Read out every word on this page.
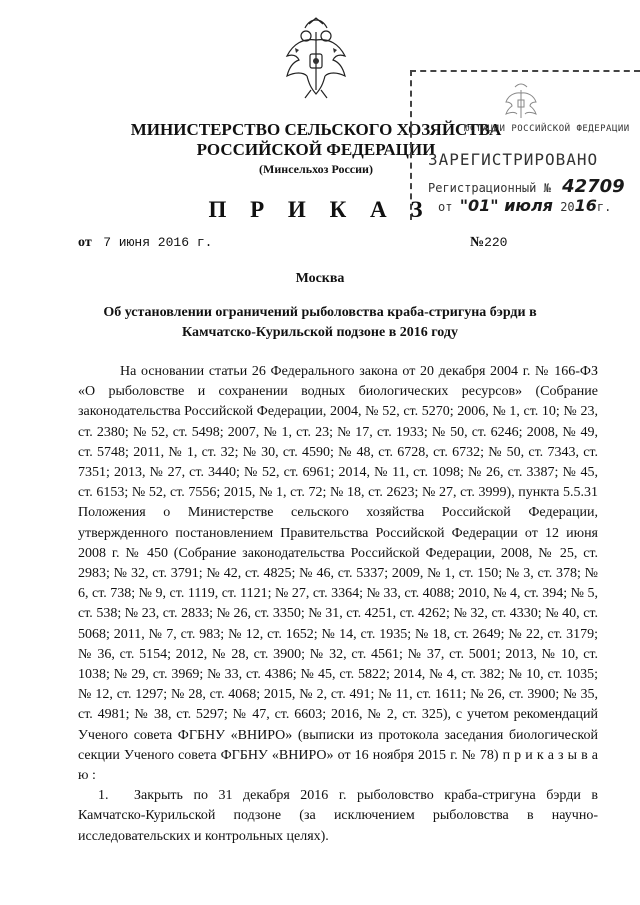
МИНИСТЕРСТВО СЕЛЬСКОГО ХОЗЯЙСТВА
РОССИЙСКОЙ ФЕДЕРАЦИИ
(Минсельхоз России)
ЮСТИЦИИ РОССИЙСКОЙ ФЕДЕРАЦИИ
ЗАРЕГИСТРИРОВАНО
Регистрационный № 42709
от "01" июля 2016г.
П Р И К А З
от 7 июня 2016 г.	№220
Москва
Об установлении ограничений рыболовства краба-стригуна бэрди в
Камчатско-Курильской подзоне в 2016 году

На основании статьи 26 Федерального закона от 20 декабря 2004 г. № 166-ФЗ «О рыболовстве и сохранении водных биологических ресурсов» (Собрание законодательства Российской Федерации, 2004, № 52, ст. 5270; 2006, № 1, ст. 10; № 23, ст. 2380; № 52, ст. 5498; 2007, № 1, ст. 23; № 17, ст. 1933; № 50, ст. 6246; 2008, № 49, ст. 5748; 2011, № 1, ст. 32; № 30, ст. 4590; № 48, ст. 6728, ст. 6732; № 50, ст. 7343, ст. 7351; 2013, № 27, ст. 3440; № 52, ст. 6961; 2014, № 11, ст. 1098; № 26, ст. 3387; № 45, ст. 6153; № 52, ст. 7556; 2015, № 1, ст. 72; № 18, ст. 2623; № 27, ст. 3999), пункта 5.5.31 Положения о Министерстве сельского хозяйства Российской Федерации, утвержденного постановлением Правительства Российской Федерации от 12 июня 2008 г. № 450 (Собрание законодательства Российской Федерации, 2008, № 25, ст. 2983; № 32, ст. 3791; № 42, ст. 4825; № 46, ст. 5337; 2009, № 1, ст. 150; № 3, ст. 378; № 6, ст. 738; № 9, ст. 1119, ст. 1121; № 27, ст. 3364; № 33, ст. 4088; 2010, № 4, ст. 394; № 5, ст. 538; № 23, ст. 2833; № 26, ст. 3350; № 31, ст. 4251, ст. 4262; № 32, ст. 4330; № 40, ст. 5068; 2011, № 7, ст. 983; № 12, ст. 1652; № 14, ст. 1935; № 18, ст. 2649; № 22, ст. 3179; № 36, ст. 5154; 2012, № 28, ст. 3900; № 32, ст. 4561; № 37, ст. 5001; 2013, № 10, ст. 1038; № 29, ст. 3969; № 33, ст. 4386; № 45, ст. 5822; 2014, № 4, ст. 382; № 10, ст. 1035; № 12, ст. 1297; № 28, ст. 4068; 2015, № 2, ст. 491; № 11, ст. 1611; № 26, ст. 3900; № 35, ст. 4981; № 38, ст. 5297; № 47, ст. 6603; 2016, № 2, ст. 325), с учетом рекомендаций Ученого совета ФГБНУ «ВНИРО» (выписки из протокола заседания биологической секции Ученого совета ФГБНУ «ВНИРО» от 16 ноября 2015 г. № 78) п р и к а з ы в а ю :

1. Закрыть по 31 декабря 2016 г. рыболовство краба-стригуна бэрди в Камчатско-Курильской подзоне (за исключением рыболовства в научно-исследовательских и контрольных целях).
